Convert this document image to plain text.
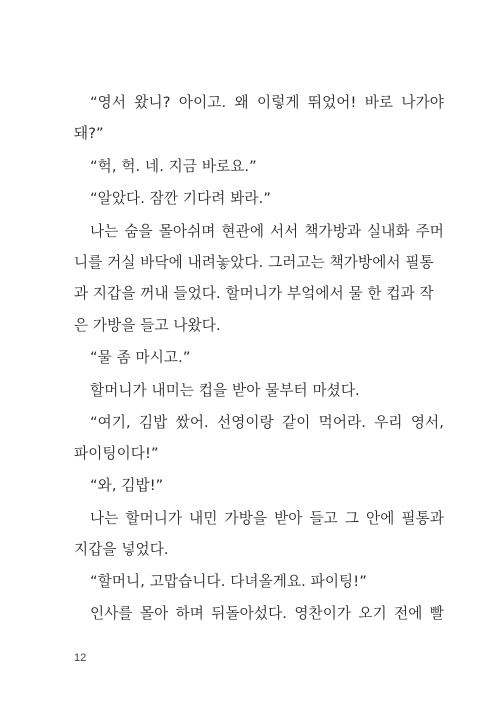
“영서 왔니? 아이고. 왜 이렇게 뛰었어! 바로 나가야
돼?”
“헉, 헉. 네. 지금 바로요.”
“알았다. 잠깐 기다려 봐라.”
나는 숨을 몰아쉬며 현관에 서서 책가방과 실내화 주머
니를 거실 바닥에 내려놓았다. 그러고는 책가방에서 필통
과 지갑을 꺼내 들었다. 할머니가 부엌에서 물 한 컵과 작
은 가방을 들고 나왔다.
“물 좀 마시고.”
할머니가 내미는 컵을 받아 물부터 마셨다.
“여기, 김밥 쌌어. 선영이랑 같이 먹어라. 우리 영서,
파이팅이다!”
“와, 김밥!”
나는 할머니가 내민 가방을 받아 들고 그 안에 필통과
지갑을 넣었다.
“할머니, 고맙습니다. 다녀올게요. 파이팅!”
인사를 몰아 하며 뒤돌아섰다. 영찬이가 오기 전에 빨
12
